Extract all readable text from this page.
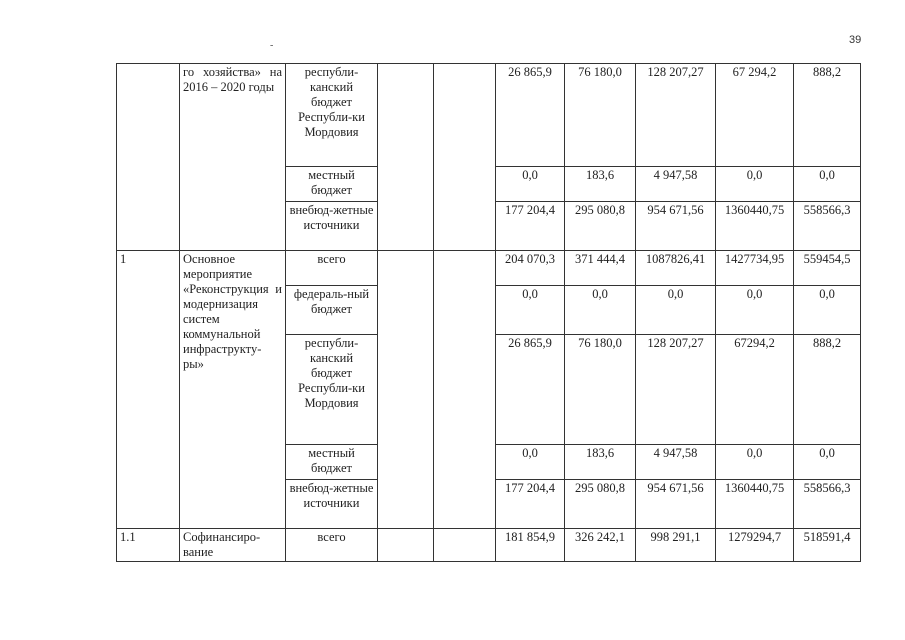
39
-
	го хозяйства» на 2016 – 2020 годы	республи-канский бюджет Республи-ки Мордовия			26 865,9	76 180,0	128 207,27	67 294,2	888,2
		местный бюджет			0,0	183,6	4 947,58	0,0	0,0
		внебюд-жетные источники			177 204,4	295 080,8	954 671,56	1360440,75	558566,3
1	Основное мероприятие «Реконструкция и модернизация систем коммунальной инфраструкту-ры»	всего			204 070,3	371 444,4	1087826,41	1427734,95	559454,5
		федераль-ный бюджет			0,0	0,0	0,0	0,0	0,0
		республи-канский бюджет Республи-ки Мордовия			26 865,9	76 180,0	128 207,27	67294,2	888,2
		местный бюджет			0,0	183,6	4 947,58	0,0	0,0
		внебюд-жетные источники			177 204,4	295 080,8	954 671,56	1360440,75	558566,3
1.1	Софинансиро-вание	всего			181 854,9	326 242,1	998 291,1	1279294,7	518591,4
